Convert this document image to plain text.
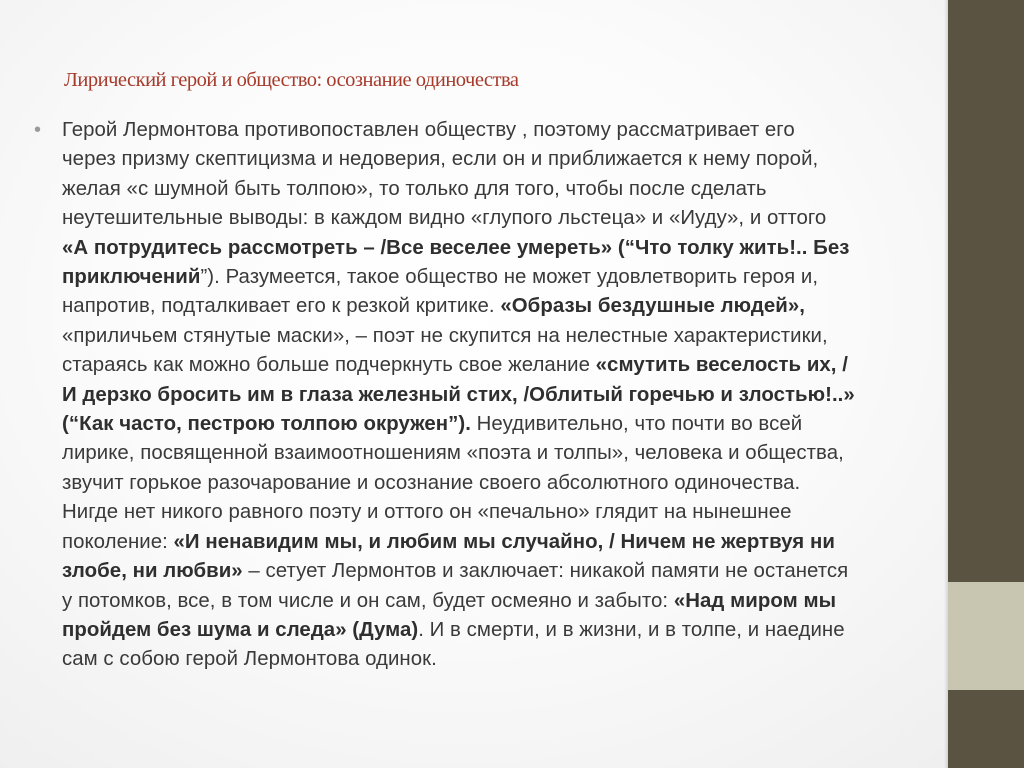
Лирический герой и общество: осознание одиночества
• Герой Лермонтова противопоставлен обществу , поэтому рассматривает его
через призму скептицизма и недоверия, если он и приближается к нему порой,
желая «с шумной быть толпою», то только для того, чтобы после сделать
неутешительные выводы: в каждом видно «глупого льстеца» и «Иуду», и оттого
«А потрудитесь рассмотреть – /Все веселее умереть» (“Что толку жить!.. Без
приключений”). Разумеется, такое общество не может удовлетворить героя и,
напротив, подталкивает его к резкой критике. «Образы бездушные людей»,
«приличьем стянутые маски», – поэт не скупится на нелестные характеристики,
стараясь как можно больше подчеркнуть свое желание «смутить веселость их, /
И дерзко бросить им в глаза железный стих, /Облитый горечью и злостью!..»
(“Как часто, пестрою толпою окружен”). Неудивительно, что почти во всей
лирике, посвященной взаимоотношениям «поэта и толпы», человека и общества,
звучит горькое разочарование и осознание своего абсолютного одиночества.
Нигде нет никого равного поэту и оттого он «печально» глядит на нынешнее
поколение: «И ненавидим мы, и любим мы случайно, / Ничем не жертвуя ни
злобе, ни любви» – сетует Лермонтов и заключает: никакой памяти не останется
у потомков, все, в том числе и он сам, будет осмеяно и забыто: «Над миром мы
пройдем без шума и следа» (Дума). И в смерти, и в жизни, и в толпе, и наедине
сам с собою герой Лермонтова одинок.
